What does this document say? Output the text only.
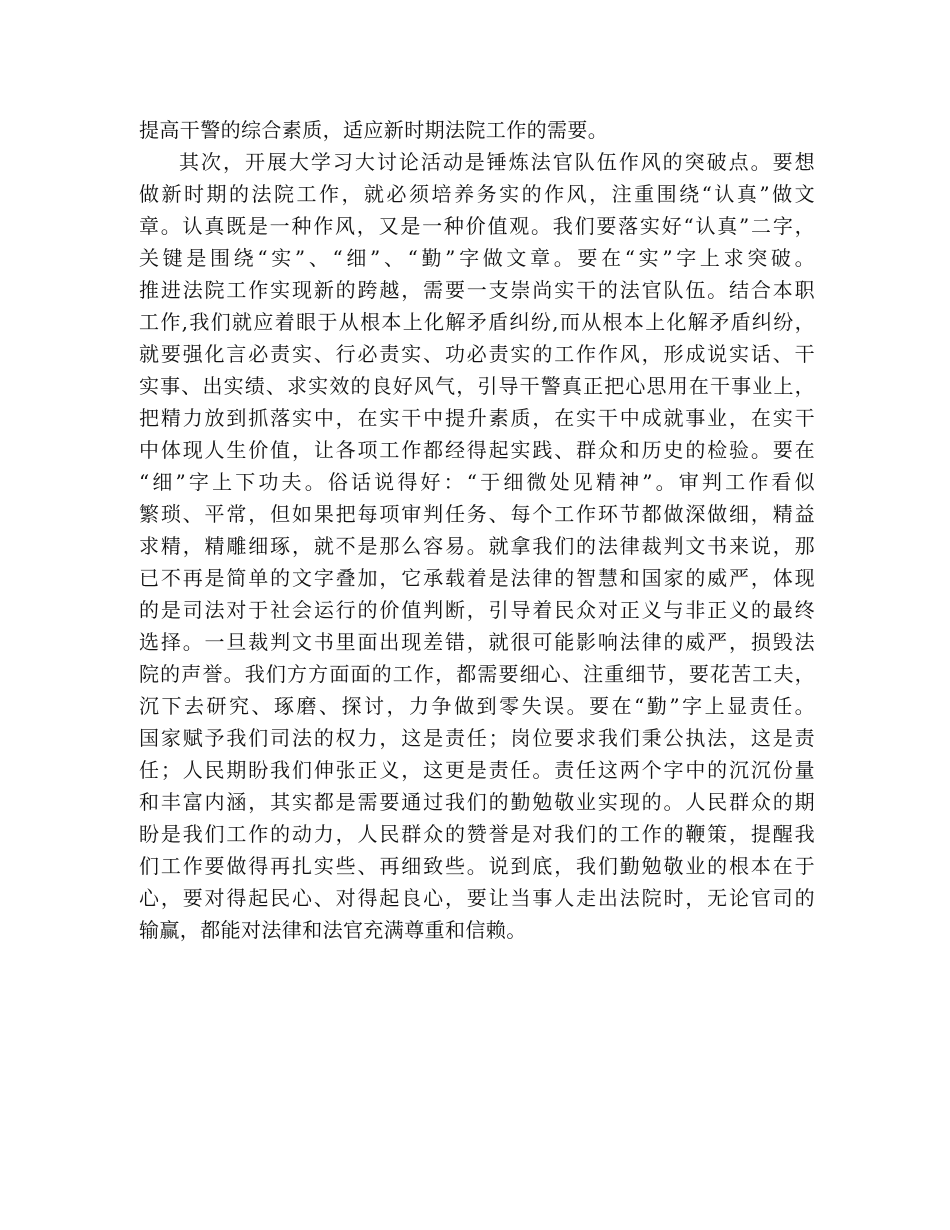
提高干警的综合素质，适应新时期法院工作的需要。
其次，开展大学习大讨论活动是锤炼法官队伍作风的突破点。要想
做新时期的法院工作，就必须培养务实的作风，注重围绕“认真”做文
章。认真既是一种作风，又是一种价值观。我们要落实好“认真”二字，
关键是围绕“实”、“细”、“勤”字做文章。要在“实”字上求突破。
推进法院工作实现新的跨越，需要一支崇尚实干的法官队伍。结合本职
工作,我们就应着眼于从根本上化解矛盾纠纷,而从根本上化解矛盾纠纷，
就要强化言必责实、行必责实、功必责实的工作作风，形成说实话、干
实事、出实绩、求实效的良好风气，引导干警真正把心思用在干事业上，
把精力放到抓落实中，在实干中提升素质，在实干中成就事业，在实干
中体现人生价值，让各项工作都经得起实践、群众和历史的检验。要在
“细”字上下功夫。俗话说得好：“于细微处见精神”。审判工作看似
繁琐、平常，但如果把每项审判任务、每个工作环节都做深做细，精益
求精，精雕细琢，就不是那么容易。就拿我们的法律裁判文书来说，那
已不再是简单的文字叠加，它承载着是法律的智慧和国家的威严，体现
的是司法对于社会运行的价值判断，引导着民众对正义与非正义的最终
选择。一旦裁判文书里面出现差错，就很可能影响法律的威严，损毁法
院的声誉。我们方方面面的工作，都需要细心、注重细节，要花苦工夫，
沉下去研究、琢磨、探讨，力争做到零失误。要在“勤”字上显责任。
国家赋予我们司法的权力，这是责任；岗位要求我们秉公执法，这是责
任；人民期盼我们伸张正义，这更是责任。责任这两个字中的沉沉份量
和丰富内涵，其实都是需要通过我们的勤勉敬业实现的。人民群众的期
盼是我们工作的动力，人民群众的赞誉是对我们的工作的鞭策，提醒我
们工作要做得再扎实些、再细致些。说到底，我们勤勉敬业的根本在于
心，要对得起民心、对得起良心，要让当事人走出法院时，无论官司的
输赢，都能对法律和法官充满尊重和信赖。
